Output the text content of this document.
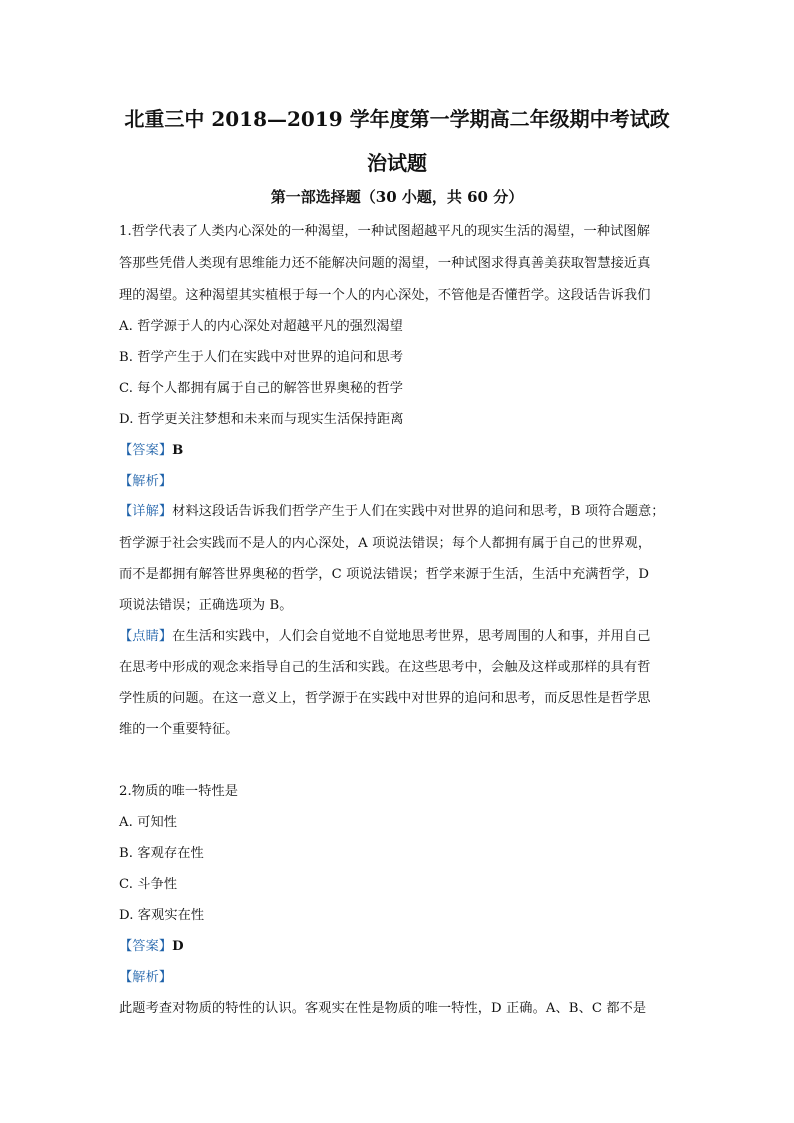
北重三中 2018—2019 学年度第一学期高二年级期中考试政
治试题
第一部选择题（30 小题，共 60 分）
1.哲学代表了人类内心深处的一种渴望，一种试图超越平凡的现实生活的渴望，一种试图解
答那些凭借人类现有思维能力还不能解决问题的渴望，一种试图求得真善美获取智慧接近真
理的渴望。这种渴望其实植根于每一个人的内心深处，不管他是否懂哲学。这段话告诉我们
A. 哲学源于人的内心深处对超越平凡的强烈渴望
B. 哲学产生于人们在实践中对世界的追问和思考
C. 每个人都拥有属于自己的解答世界奥秘的哲学
D. 哲学更关注梦想和未来而与现实生活保持距离
【答案】B
【解析】
【详解】材料这段话告诉我们哲学产生于人们在实践中对世界的追问和思考，B 项符合题意；
哲学源于社会实践而不是人的内心深处，A 项说法错误；每个人都拥有属于自己的世界观，
而不是都拥有解答世界奥秘的哲学，C 项说法错误；哲学来源于生活，生活中充满哲学，D
项说法错误；正确选项为 B。
【点睛】在生活和实践中，人们会自觉地不自觉地思考世界，思考周围的人和事，并用自己
在思考中形成的观念来指导自己的生活和实践。在这些思考中，会触及这样或那样的具有哲
学性质的问题。在这一意义上，哲学源于在实践中对世界的追问和思考，而反思性是哲学思
维的一个重要特征。
2.物质的唯一特性是
A. 可知性
B. 客观存在性
C. 斗争性
D. 客观实在性
【答案】D
【解析】
此题考查对物质的特性的认识。客观实在性是物质的唯一特性，D 正确。A、B、C 都不是
